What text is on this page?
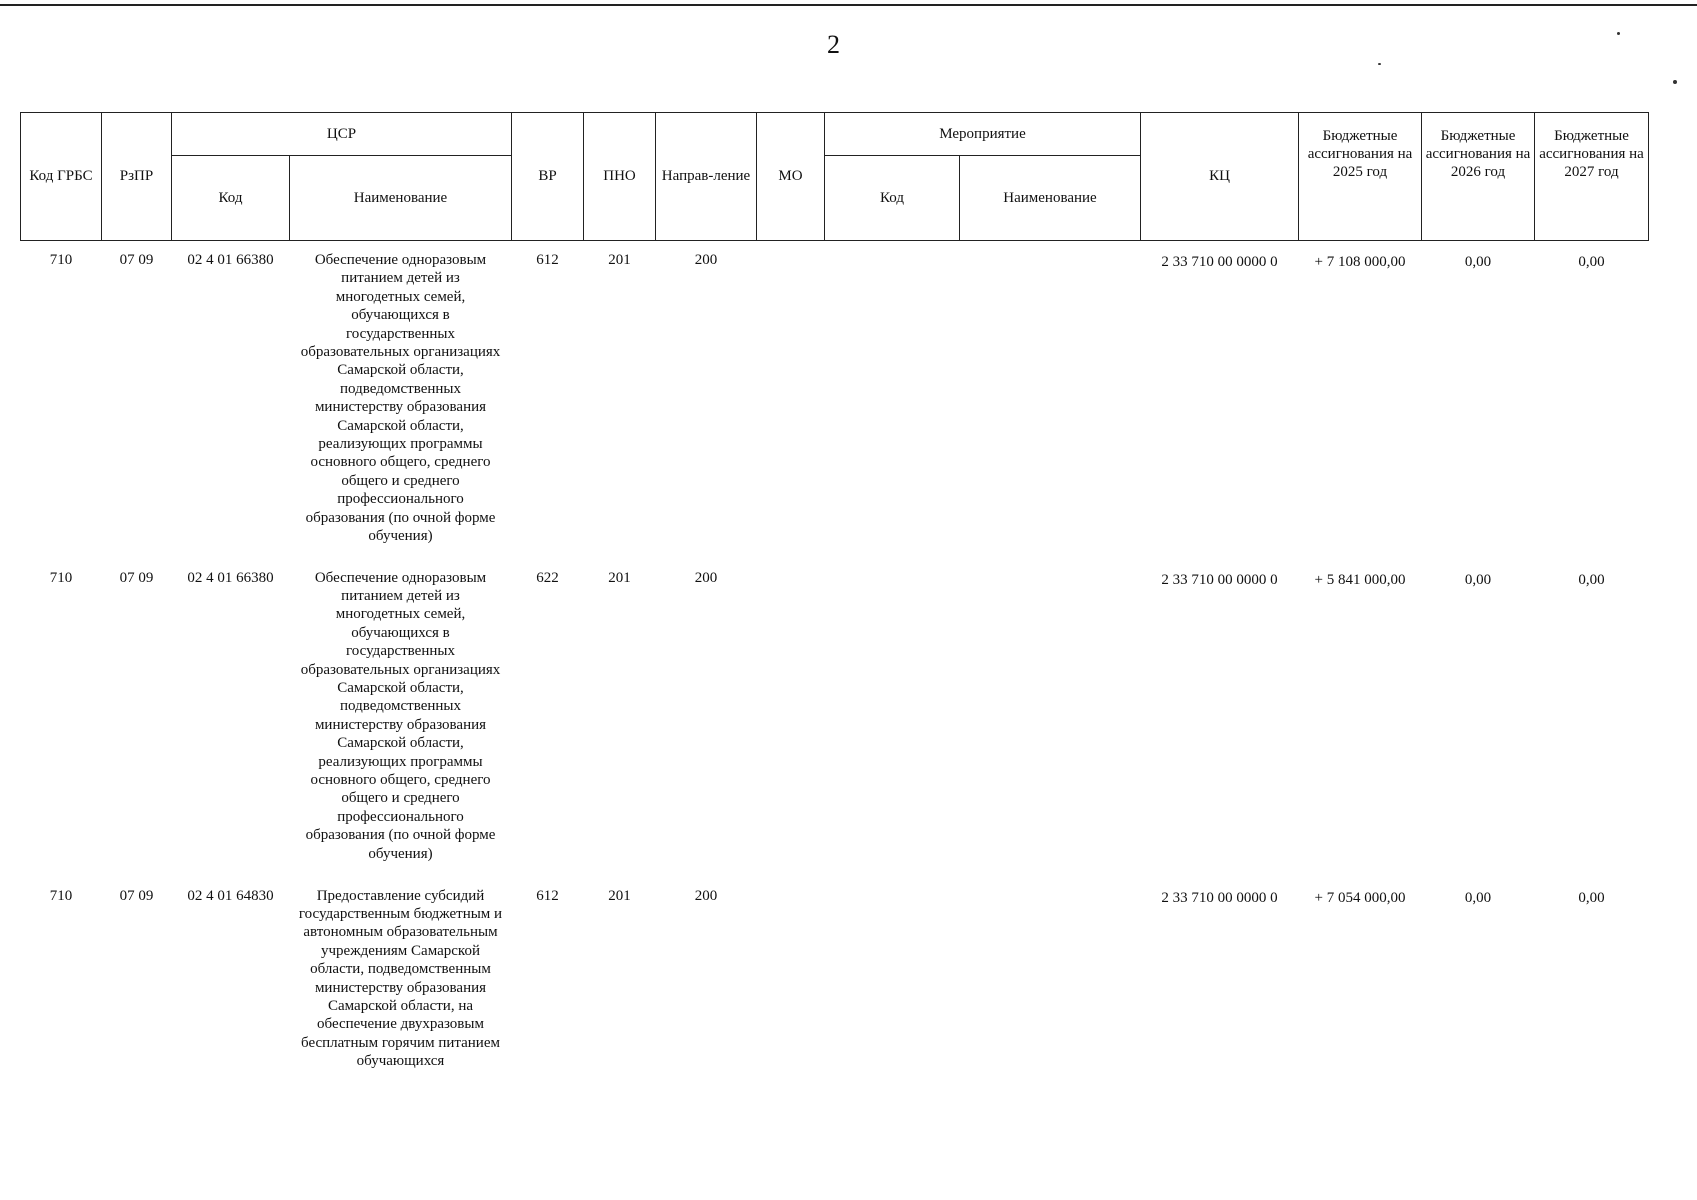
2
Код ГРБС	РзПР	ЦСР		ВР	ПНО	Направ-ление	МО	Мероприятие		КЦ	Бюджетные ассигнования на 2025 год	Бюджетные ассигнования на 2026 год	Бюджетные ассигнования на 2027 год
		Код	Наименование					Код	Наименование				
710	07 09	02 4 01 66380	Обеспечение одноразовым питанием детей из многодетных семей, обучающихся в государственных образовательных организациях Самарской области, подведомственных министерству образования Самарской области, реализующих программы основного общего, среднего общего и среднего профессионального образования (по очной форме обучения)	612	201	200				2 33 710 00 0000 0	+ 7 108 000,00	0,00	0,00
710	07 09	02 4 01 66380	Обеспечение одноразовым питанием детей из многодетных семей, обучающихся в государственных образовательных организациях Самарской области, подведомственных министерству образования Самарской области, реализующих программы основного общего, среднего общего и среднего профессионального образования (по очной форме обучения)	622	201	200				2 33 710 00 0000 0	+ 5 841 000,00	0,00	0,00
710	07 09	02 4 01 64830	Предоставление субсидий государственным бюджетным и автономным образовательным учреждениям Самарской области, подведомственным министерству образования Самарской области, на обеспечение двухразовым бесплатным горячим питанием обучающихся	612	201	200				2 33 710 00 0000 0	+ 7 054 000,00	0,00	0,00
